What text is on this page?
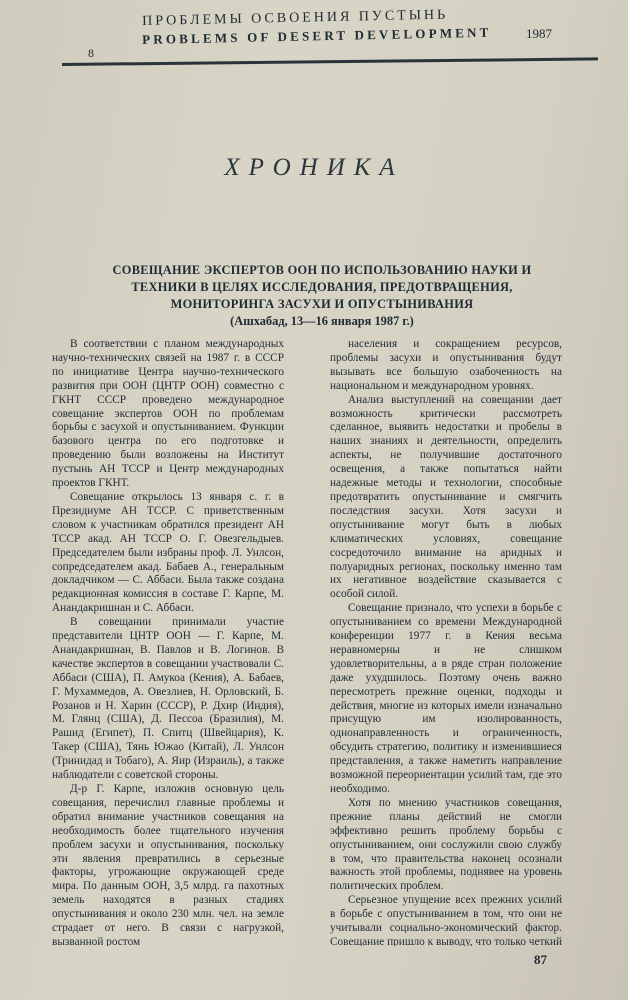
8
ПРОБЛЕМЫ ОСВОЕНИЯ ПУСТЫНЬ
PROBLEMS OF DESERT DEVELOPMENT	1987
ХРОНИКА
СОВЕЩАНИЕ ЭКСПЕРТОВ ООН ПО ИСПОЛЬЗОВАНИЮ НАУКИ И ТЕХНИКИ В ЦЕЛЯХ ИССЛЕДОВАНИЯ, ПРЕДОТВРАЩЕНИЯ, МОНИТОРИНГА ЗАСУХИ И ОПУСТЫНИВАНИЯ
(Ашхабад, 13—16 января 1987 г.)

В соответствии с планом международных научно-технических связей на 1987 г. в СССР по инициативе Центра научно-технического развития при ООН (ЦНТР ООН) совместно с ГКНТ СССР проведено международное совещание экспертов ООН по проблемам борьбы с засухой и опустыниванием. Функции базового центра по его подготовке и проведению были возложены на Институт пустынь АН ТССР и Центр международных проектов ГКНТ.

Совещание открылось 13 января с. г. в Президиуме АН ТССР. С приветственным словом к участникам обратился президент АН ТССР акад. АН ТССР О. Г. Овезгельдыев. Председателем были избраны проф. Л. Унлсон, сопредседателем акад. Бабаев А., генеральным докладчиком — С. Аббаси. Была также создана редакционная комиссия в составе Г. Карпе, М. Анандакришнан и С. Аббаси.

В совещании принимали участие представители ЦНТР ООН — Г. Карпе, М. Анандакришнан, В. Павлов и В. Логинов. В качестве экспертов в совещании участвовали С. Аббаси (США), П. Амукоа (Кения), А. Бабаев, Г. Мухаммедов, А. Овезлиев, Н. Орловский, Б. Розанов и Н. Харин (СССР), Р. Дхир (Индия), М. Глянц (США), Д. Пессоа (Бразилия), М. Рашид (Египет), П. Спитц (Швейцария), К. Такер (США), Тянь Южао (Китай), Л. Унлсон (Тринидад и Тобаго), А. Яир (Израиль), а также наблюдатели с советской стороны.

Д-р Г. Карпе, изложив основную цель совещания, перечислил главные проблемы и обратил внимание участников совещания на необходимость более тщательного изучения проблем засухи и опустынивания, поскольку эти явления превратились в серьезные факторы, угрожающие окружающей среде мира. По данным ООН, 3,5 млрд. га пахотных земель находятся в разных стадиях опустынивания и около 230 млн. чел. на земле страдает от него. В связи с нагрузкой, вызванной ростом

населения и сокращением ресурсов, проблемы засухи и опустынивания будут вызывать все большую озабоченность на национальном и международном уровнях.

Анализ выступлений на совещании дает возможность критически рассмотреть сделанное, выявить недостатки и пробелы в наших знаниях и деятельности, определить аспекты, не получившие достаточного освещения, а также попытаться найти надежные методы и технологии, способные предотвратить опустынивание и смягчить последствия засухи. Хотя засухи и опустынивание могут быть в любых климатических условиях, совещание сосредоточило внимание на аридных и полуаридных регионах, поскольку именно там их негативное воздействие сказывается с особой силой.

Совещание признало, что успехи в борьбе с опустыниванием со времени Международной конференции 1977 г. в Кения весьма неравномерны и не слишком удовлетворительны, а в ряде стран положение даже ухудшилось. Поэтому очень важно пересмотреть прежние оценки, подходы и действия, многие из которых имели изначально присущую им изолированность, однонаправленность и ограниченность, обсудить стратегию, политику и изменившиеся представления, а также наметить направление возможной переориентации усилий там, где это необходимо.

Хотя по мнению участников совещания, прежние планы действий не смогли эффективно решить проблему борьбы с опустыниванием, они сослужили свою службу в том, что правительства наконец осознали важность этой проблемы, поднявее на уровень политических проблем.

Серьезное упущение всех прежних усилий в борьбе с опустыниванием в том, что они не учитывали социально-экономический фактор. Совещание пришло к выводу, что только четкий

87
